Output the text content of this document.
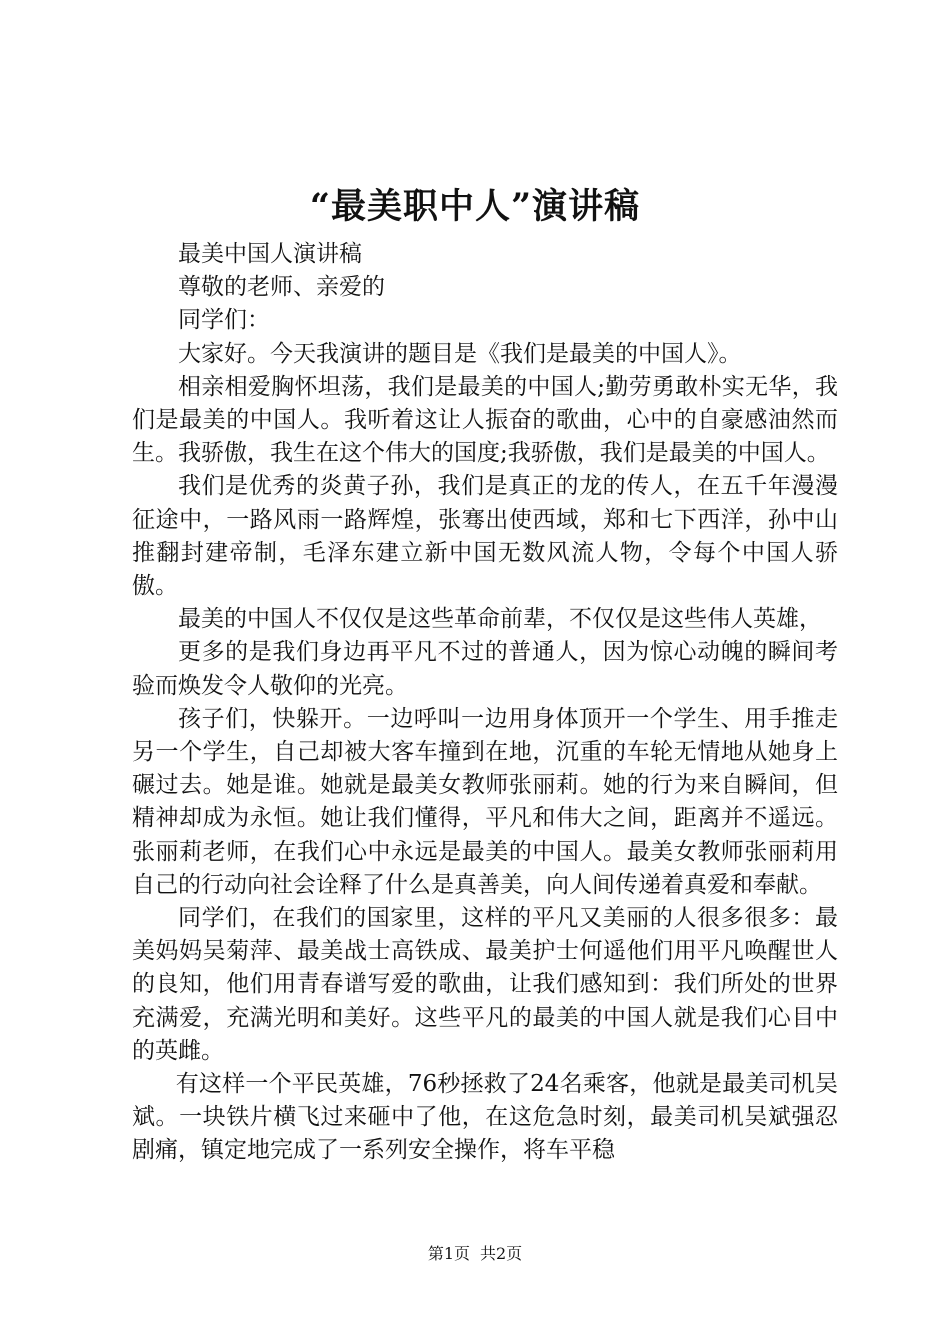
“最美职中人”演讲稿

最美中国人演讲稿

尊敬的老师、亲爱的

同学们：

大家好。今天我演讲的题目是《我们是最美的中国人》。

相亲相爱胸怀坦荡，我们是最美的中国人;勤劳勇敢朴实无华，我们是最美的中国人。我听着这让人振奋的歌曲，心中的自豪感油然而生。我骄傲，我生在这个伟大的国度;我骄傲，我们是最美的中国人。

我们是优秀的炎黄子孙，我们是真正的龙的传人，在五千年漫漫征途中，一路风雨一路辉煌，张骞出使西域，郑和七下西洋，孙中山推翻封建帝制，毛泽东建立新中国无数风流人物，令每个中国人骄傲。

最美的中国人不仅仅是这些革命前辈，不仅仅是这些伟人英雄，

更多的是我们身边再平凡不过的普通人，因为惊心动魄的瞬间考验而焕发令人敬仰的光亮。

孩子们，快躲开。一边呼叫一边用身体顶开一个学生、用手推走另一个学生，自己却被大客车撞到在地，沉重的车轮无情地从她身上碾过去。她是谁。她就是最美女教师张丽莉。她的行为来自瞬间，但精神却成为永恒。她让我们懂得，平凡和伟大之间，距离并不遥远。张丽莉老师，在我们心中永远是最美的中国人。最美女教师张丽莉用自己的行动向社会诠释了什么是真善美，向人间传递着真爱和奉献。

同学们，在我们的国家里，这样的平凡又美丽的人很多很多：最美妈妈吴菊萍、最美战士高铁成、最美护士何遥他们用平凡唤醒世人的良知，他们用青春谱写爱的歌曲，让我们感知到：我们所处的世界充满爱，充满光明和美好。这些平凡的最美的中国人就是我们心目中的英雌。

有这样一个平民英雄，76秒拯救了24名乘客，他就是最美司机吴斌。一块铁片横飞过来砸中了他，在这危急时刻，最美司机吴斌强忍剧痛，镇定地完成了一系列安全操作，将车平稳

第1页 共2页
